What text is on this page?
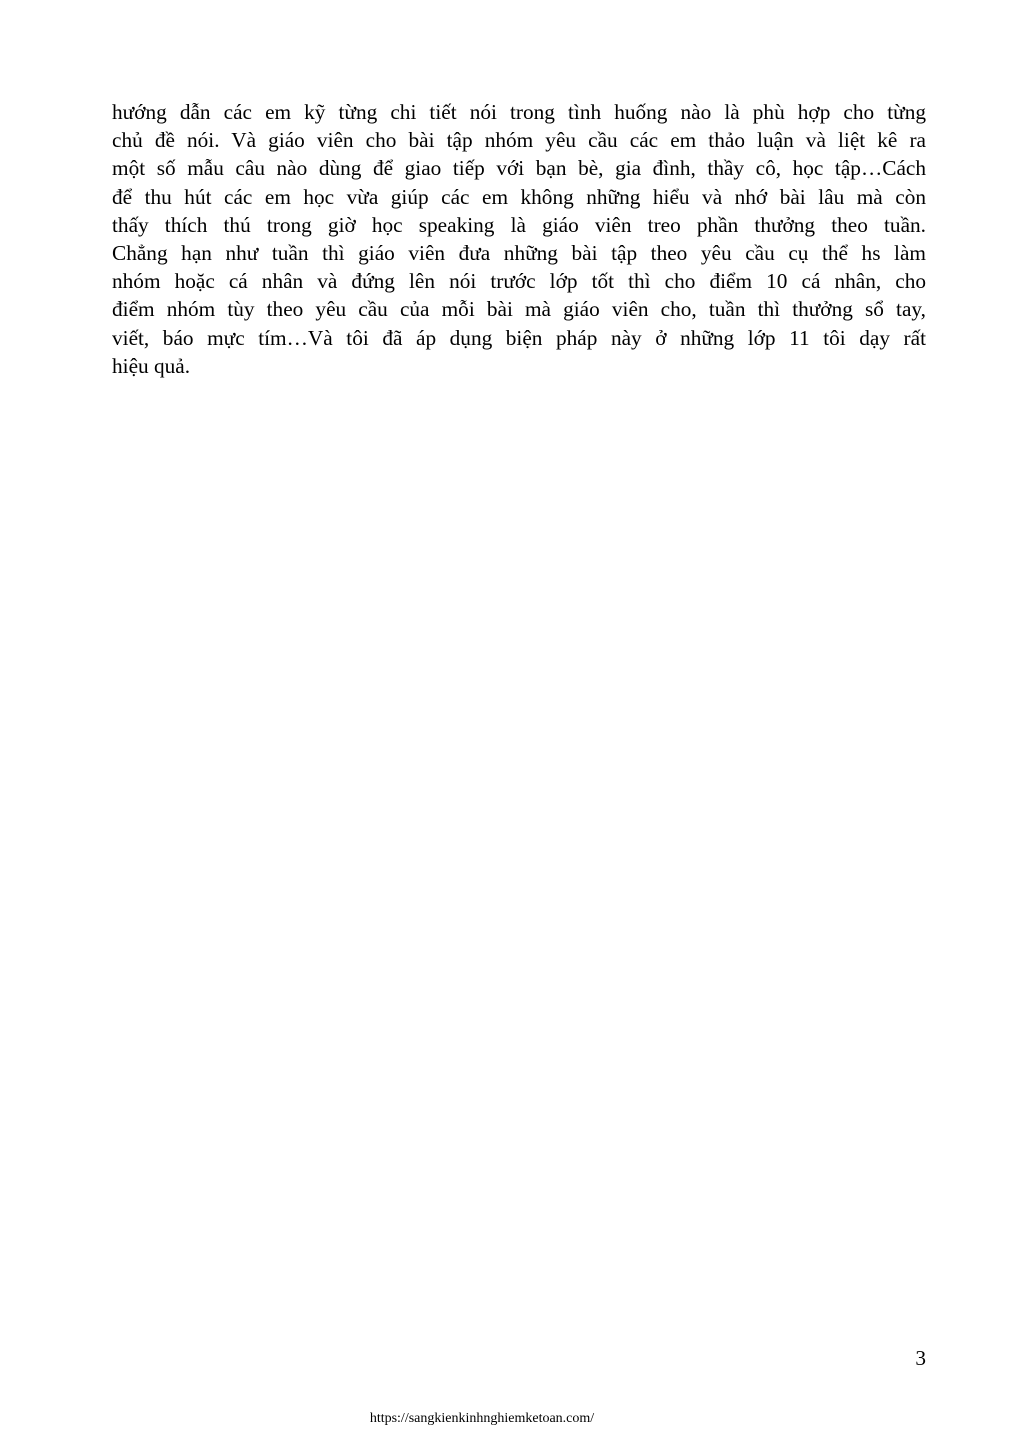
hướng dẫn các em kỹ từng chi tiết nói trong tình huống nào là phù hợp cho từng
chủ đề nói. Và giáo viên cho bài tập nhóm yêu cầu các em thảo luận và liệt kê ra
một số mẫu câu nào dùng để giao tiếp với bạn bè, gia đình, thầy cô, học tập…Cách
để thu hút các em học vừa giúp các em không những hiểu và nhớ bài lâu mà còn
thấy thích thú trong giờ học speaking là giáo viên treo phần thưởng theo tuần.
Chẳng hạn như tuần thì giáo viên đưa những bài tập theo yêu cầu cụ thể hs làm
nhóm hoặc cá nhân và đứng lên nói trước lớp tốt thì cho điểm 10 cá nhân, cho
điểm nhóm tùy theo yêu cầu của mỗi bài mà giáo viên cho, tuần thì thưởng sổ tay,
viết, báo mực tím…Và tôi đã áp dụng biện pháp này ở những lớp 11 tôi dạy rất
hiệu quả.

3
https://sangkienkinhnghiemketoan.com/
